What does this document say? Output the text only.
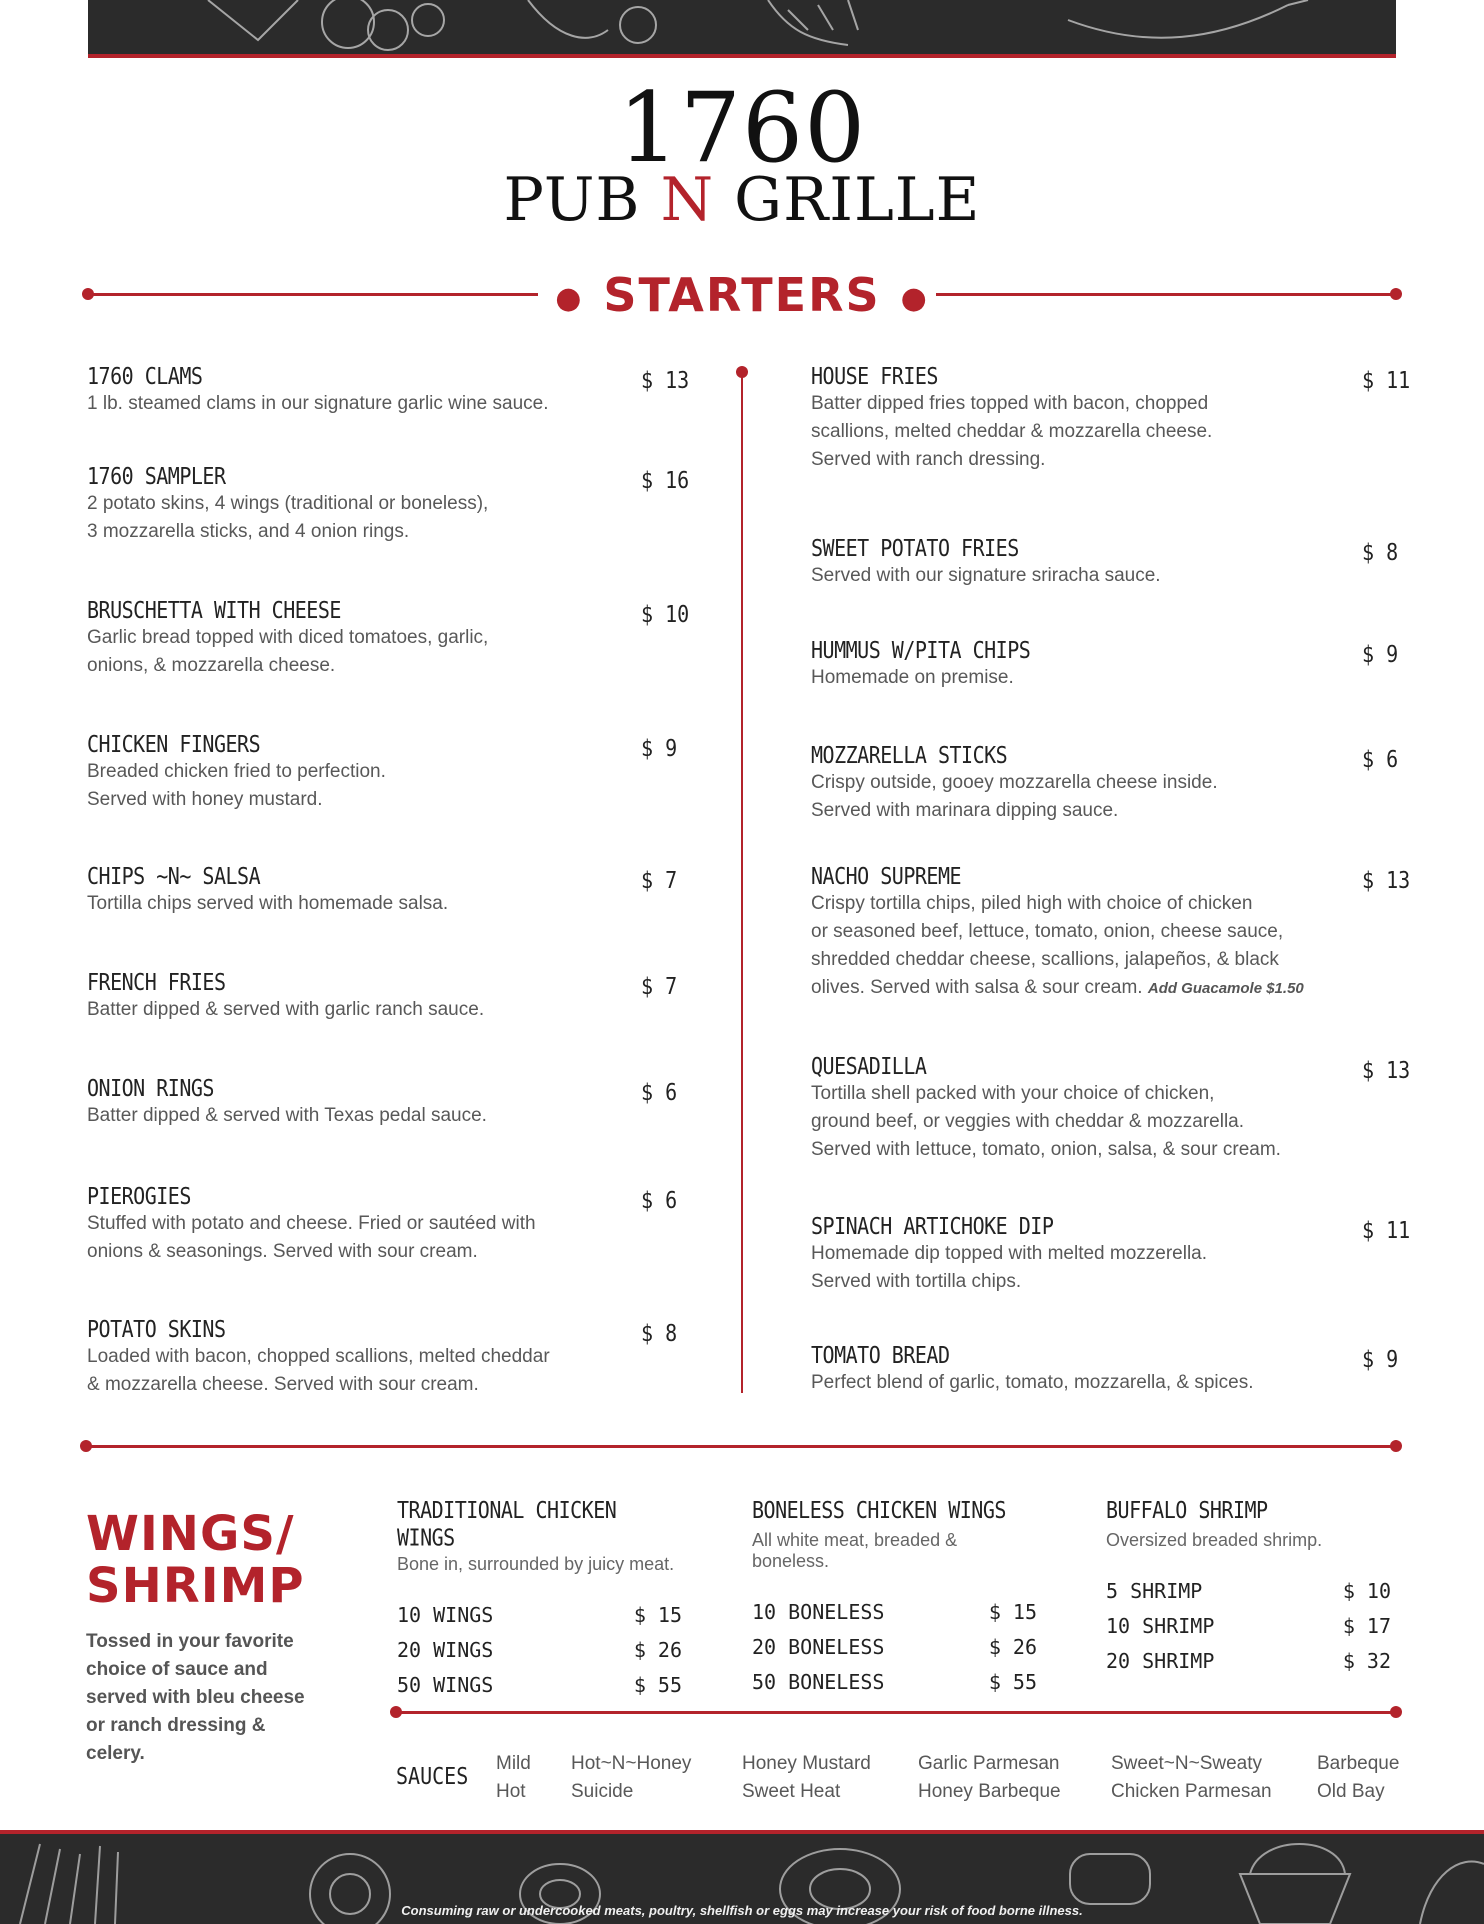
1760
PUB N GRILLE
● STARTERS ●
1760 CLAMS
1 lb. steamed clams in our signature garlic wine sauce.
$ 13
1760 SAMPLER
2 potato skins, 4 wings (traditional or boneless),
3 mozzarella sticks, and 4 onion rings.
$ 16
BRUSCHETTA WITH CHEESE
Garlic bread topped with diced tomatoes, garlic,
onions, & mozzarella cheese.
$ 10
CHICKEN FINGERS
Breaded chicken fried to perfection.
Served with honey mustard.
$ 9
CHIPS ~N~ SALSA
Tortilla chips served with homemade salsa.
$ 7
FRENCH FRIES
Batter dipped & served with garlic ranch sauce.
$ 7
ONION RINGS
Batter dipped & served with Texas pedal sauce.
$ 6
PIEROGIES
Stuffed with potato and cheese. Fried or sautéed with
onions & seasonings. Served with sour cream.
$ 6
POTATO SKINS
Loaded with bacon, chopped scallions, melted cheddar
& mozzarella cheese. Served with sour cream.
$ 8
HOUSE FRIES
Batter dipped fries topped with bacon, chopped
scallions, melted cheddar & mozzarella cheese.
Served with ranch dressing.
$ 11
SWEET POTATO FRIES
Served with our signature sriracha sauce.
$ 8
HUMMUS W/PITA CHIPS
Homemade on premise.
$ 9
MOZZARELLA STICKS
Crispy outside, gooey mozzarella cheese inside.
Served with marinara dipping sauce.
$ 6
NACHO SUPREME
Crispy tortilla chips, piled high with choice of chicken
or seasoned beef, lettuce, tomato, onion, cheese sauce,
shredded cheddar cheese, scallions, jalapeños, & black
olives. Served with salsa & sour cream. Add Guacamole $1.50
$ 13
QUESADILLA
Tortilla shell packed with your choice of chicken,
ground beef, or veggies with cheddar & mozzarella.
Served with lettuce, tomato, onion, salsa, & sour cream.
$ 13
SPINACH ARTICHOKE DIP
Homemade dip topped with melted mozzerella.
Served with tortilla chips.
$ 11
TOMATO BREAD
Perfect blend of garlic, tomato, mozzarella, & spices.
$ 9
WINGS/
SHRIMP
Tossed in your favorite choice of sauce and served with bleu cheese or ranch dressing & celery.
TRADITIONAL CHICKEN WINGS
Bone in, surrounded by juicy meat.
10 WINGS	$ 15
20 WINGS	$ 26
50 WINGS	$ 55
BONELESS CHICKEN WINGS
All white meat, breaded & boneless.
10 BONELESS	$ 15
20 BONELESS	$ 26
50 BONELESS	$ 55
BUFFALO SHRIMP
Oversized breaded shrimp.
5 SHRIMP	$ 10
10 SHRIMP	$ 17
20 SHRIMP	$ 32
SAUCES Mild
Hot
Hot~N~Honey
Suicide
Honey Mustard
Sweet Heat
Garlic Parmesan
Honey Barbeque
Sweet~N~Sweaty
Chicken Parmesan
Barbeque
Old Bay
Consuming raw or undercooked meats, poultry, shellfish or eggs may increase your risk of food borne illness.
